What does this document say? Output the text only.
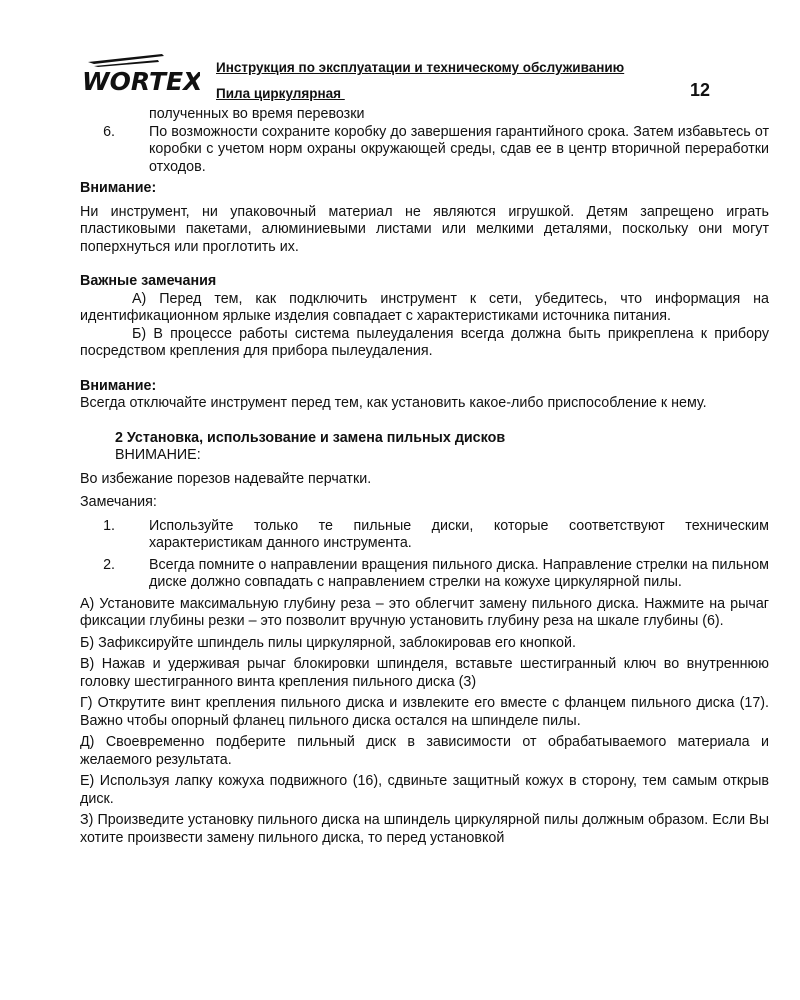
WORTEX Инструкция по эксплуатации и техническому обслуживанию
Пила циркулярная	12

полученных во время перевозки

6.	По возможности сохраните коробку до завершения гарантийного срока. Затем избавьтесь от коробки с учетом норм охраны окружающей среды, сдав ее в центр вторичной переработки отходов.

Внимание:

Ни инструмент, ни упаковочный материал не являются игрушкой. Детям запрещено играть пластиковыми пакетами, алюминиевыми листами или мелкими деталями, поскольку они могут поперхнуться или проглотить их.

Важные замечания

А) Перед тем, как подключить инструмент к сети, убедитесь, что информация на идентификационном ярлыке изделия совпадает с характеристиками источника питания.

Б) В процессе работы система пылеудаления всегда должна быть прикреплена к прибору посредством крепления для прибора пылеудаления.

Внимание:

Всегда отключайте инструмент перед тем, как установить какое-либо приспособление к нему.

2 Установка, использование и замена пильных дисков

ВНИМАНИЕ:

Во избежание порезов надевайте перчатки.

Замечания:

1.	Используйте только те пильные диски, которые соответствуют техническим характеристикам данного инструмента.
2.	Всегда помните о направлении вращения пильного диска. Направление стрелки на пильном диске должно совпадать с направлением стрелки на кожухе циркулярной пилы.

А) Установите максимальную глубину реза – это облегчит замену пильного диска. Нажмите на рычаг фиксации глубины резки – это позволит вручную установить глубину реза на шкале глубины (6).

Б) Зафиксируйте шпиндель пилы циркулярной, заблокировав его кнопкой.

В) Нажав и удерживая рычаг блокировки шпинделя, вставьте шестигранный ключ во внутреннюю головку шестигранного винта крепления пильного диска (3)

Г) Открутите винт крепления пильного диска и извлеките его вместе с фланцем пильного диска (17). Важно чтобы опорный фланец пильного диска остался на шпинделе пилы.

Д) Своевременно подберите пильный диск в зависимости от обрабатываемого материала и желаемого результата.

Е) Используя лапку кожуха подвижного (16), сдвиньте защитный кожух в сторону, тем самым открыв диск.

З) Произведите установку пильного диска на шпиндель циркулярной пилы должным образом. Если Вы хотите произвести замену пильного диска, то перед установкой
